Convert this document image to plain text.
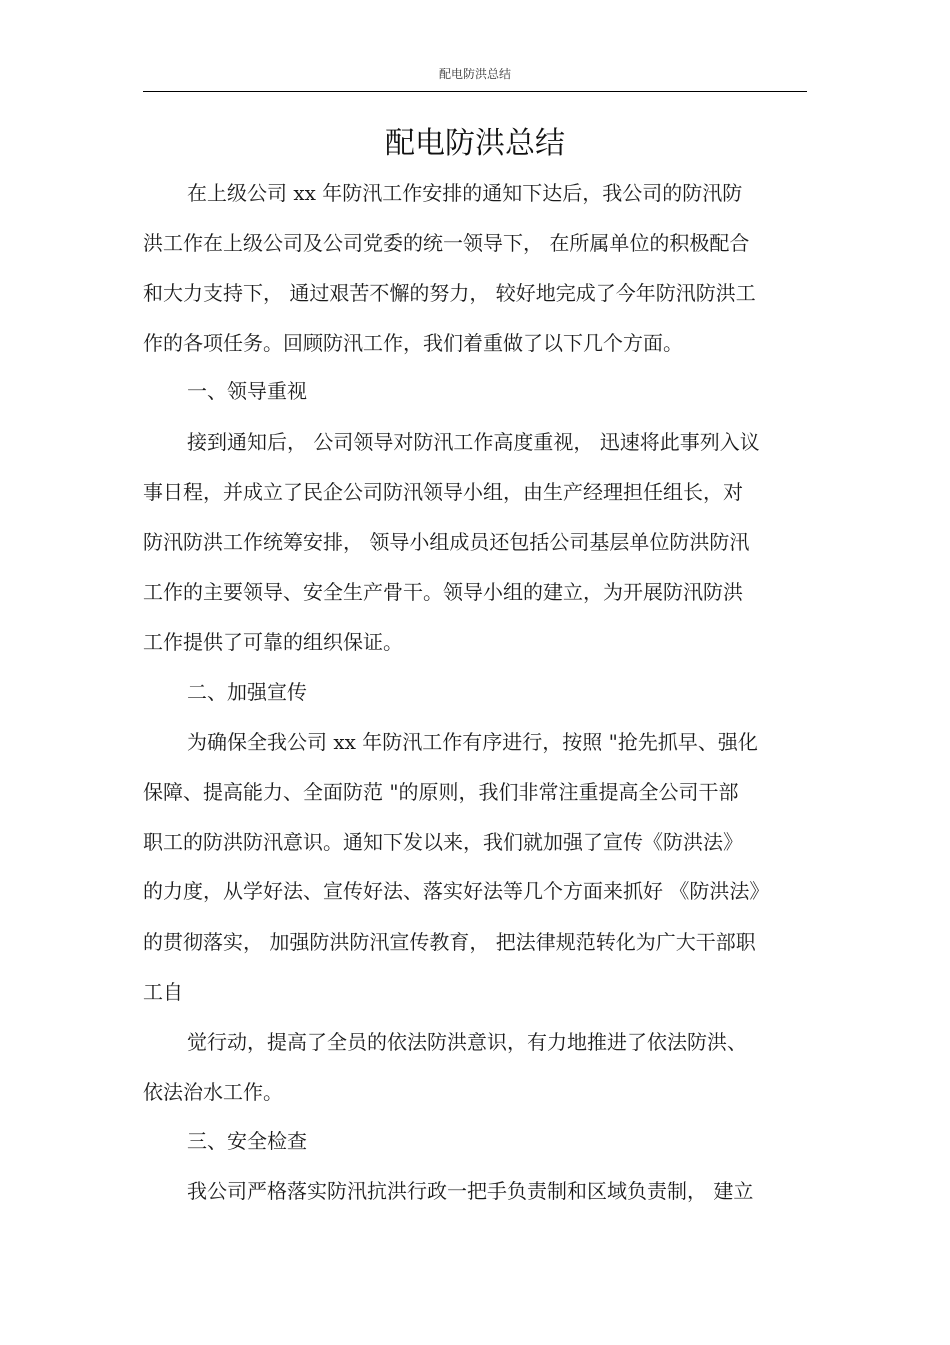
配电防洪总结
配电防洪总结
在上级公司 xx 年防汛工作安排的通知下达后，我公司的防汛防
洪工作在上级公司及公司党委的统一领导下， 在所属单位的积极配合
和大力支持下， 通过艰苦不懈的努力， 较好地完成了今年防汛防洪工
作的各项任务。回顾防汛工作，我们着重做了以下几个方面。
一、领导重视
接到通知后， 公司领导对防汛工作高度重视， 迅速将此事列入议
事日程，并成立了民企公司防汛领导小组，由生产经理担任组长，对
防汛防洪工作统筹安排， 领导小组成员还包括公司基层单位防洪防汛
工作的主要领导、安全生产骨干。领导小组的建立，为开展防汛防洪
工作提供了可靠的组织保证。
二、加强宣传
为确保全我公司 xx 年防汛工作有序进行，按照 "抢先抓早、强化
保障、提高能力、全面防范 "的原则，我们非常注重提高全公司干部
职工的防洪防汛意识。通知下发以来，我们就加强了宣传《防洪法》
的力度，从学好法、宣传好法、落实好法等几个方面来抓好 《防洪法》
的贯彻落实， 加强防洪防汛宣传教育， 把法律规范转化为广大干部职
工自
觉行动，提高了全员的依法防洪意识，有力地推进了依法防洪、
依法治水工作。
三、安全检查
我公司严格落实防汛抗洪行政一把手负责制和区域负责制， 建立
